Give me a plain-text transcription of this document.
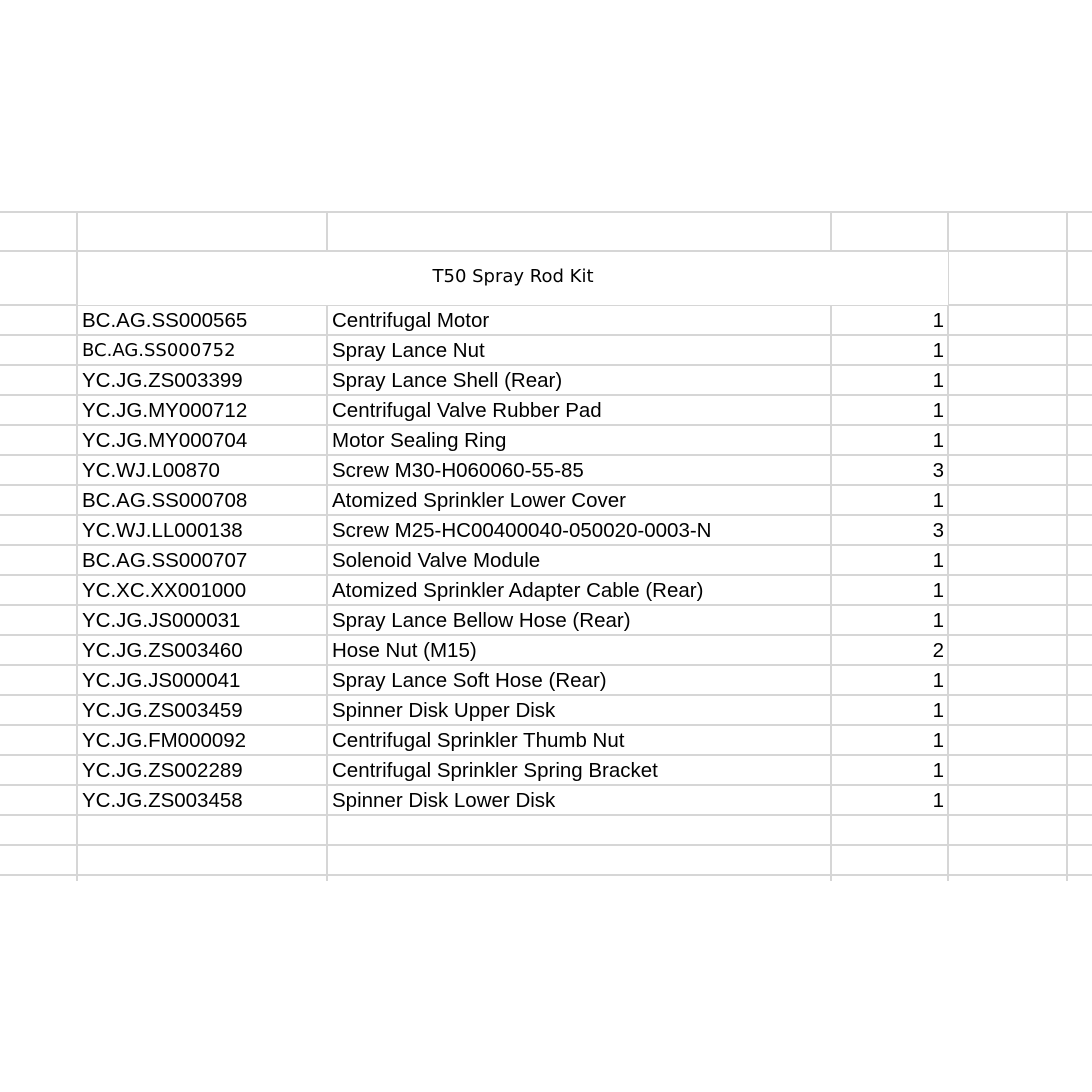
T50 Spray Rod Kit
BC.AG.SS000565	Centrifugal Motor	1
BC.AG.SS000752	Spray Lance Nut	1
YC.JG.ZS003399	Spray Lance Shell (Rear)	1
YC.JG.MY000712	Centrifugal Valve Rubber Pad	1
YC.JG.MY000704	Motor Sealing Ring	1
YC.WJ.L00870	Screw M30-H060060-55-85	3
BC.AG.SS000708	Atomized Sprinkler Lower Cover	1
YC.WJ.LL000138	Screw M25-HC00400040-050020-0003-N	3
BC.AG.SS000707	Solenoid Valve Module	1
YC.XC.XX001000	Atomized Sprinkler Adapter Cable (Rear)	1
YC.JG.JS000031	Spray Lance Bellow Hose (Rear)	1
YC.JG.ZS003460	Hose Nut (M15)	2
YC.JG.JS000041	Spray Lance Soft Hose (Rear)	1
YC.JG.ZS003459	Spinner Disk Upper Disk	1
YC.JG.FM000092	Centrifugal Sprinkler Thumb Nut	1
YC.JG.ZS002289	Centrifugal Sprinkler Spring Bracket	1
YC.JG.ZS003458	Spinner Disk Lower Disk	1
